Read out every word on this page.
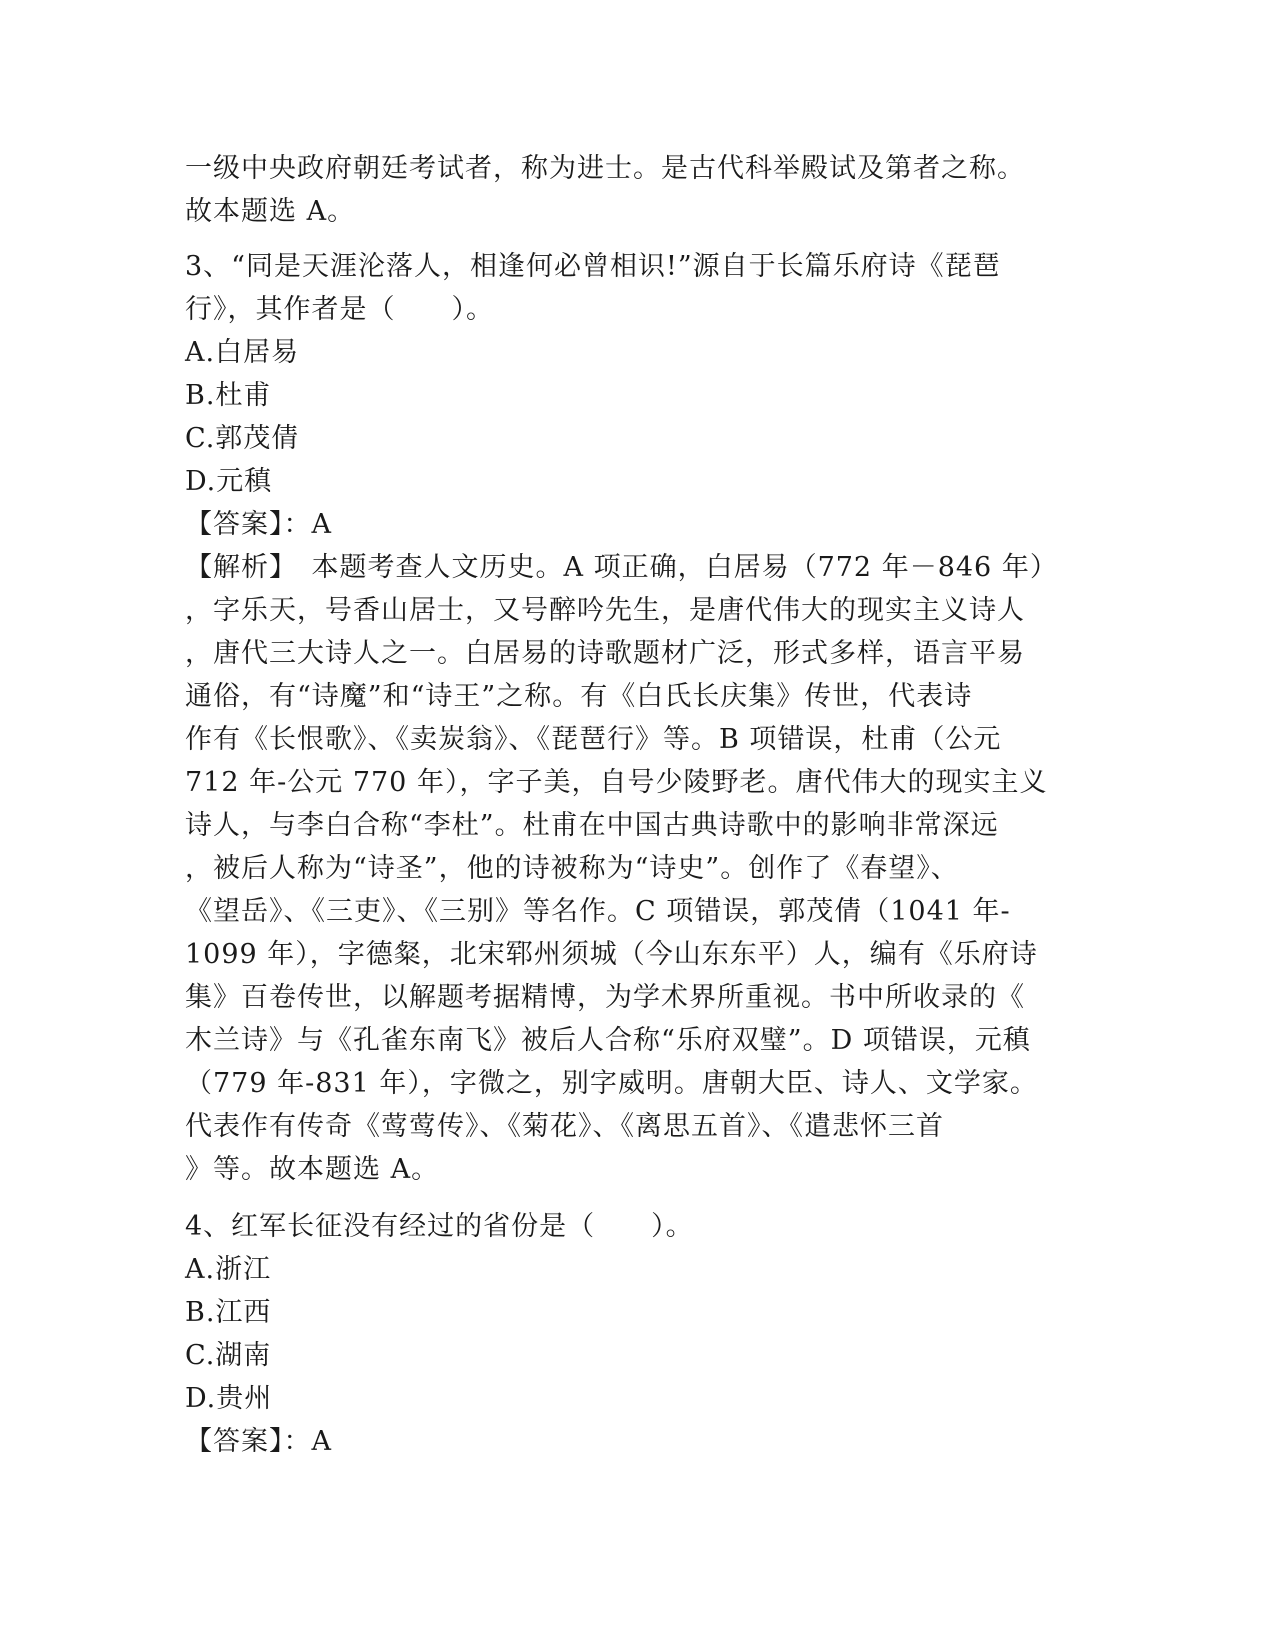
一级中央政府朝廷考试者，称为进士。是古代科举殿试及第者之称。
故本题选 A。
3、“同是天涯沦落人，相逢何必曾相识!”源自于长篇乐府诗《琵琶
行》，其作者是（　　）。
A.白居易
B.杜甫
C.郭茂倩
D.元稹
【答案】：A
【解析】　本题考查人文历史。A 项正确，白居易（772 年－846 年）
，字乐天，号香山居士，又号醉吟先生，是唐代伟大的现实主义诗人
，唐代三大诗人之一。白居易的诗歌题材广泛，形式多样，语言平易
通俗，有“诗魔”和“诗王”之称。有《白氏长庆集》传世，代表诗
作有《长恨歌》、《卖炭翁》、《琵琶行》等。B 项错误，杜甫（公元
712 年-公元 770 年），字子美，自号少陵野老。唐代伟大的现实主义
诗人，与李白合称“李杜”。杜甫在中国古典诗歌中的影响非常深远
，被后人称为“诗圣”，他的诗被称为“诗史”。创作了《春望》、
《望岳》、《三吏》、《三别》等名作。C 项错误，郭茂倩（1041 年-
1099 年），字德粲，北宋郓州须城（今山东东平）人，编有《乐府诗
集》百卷传世，以解题考据精博，为学术界所重视。书中所收录的《
木兰诗》与《孔雀东南飞》被后人合称“乐府双璧”。D 项错误，元稹
（779 年-831 年），字微之，别字威明。唐朝大臣、诗人、文学家。
代表作有传奇《莺莺传》、《菊花》、《离思五首》、《遣悲怀三首
》等。故本题选 A。
4、红军长征没有经过的省份是（　　）。
A.浙江
B.江西
C.湖南
D.贵州
【答案】：A
